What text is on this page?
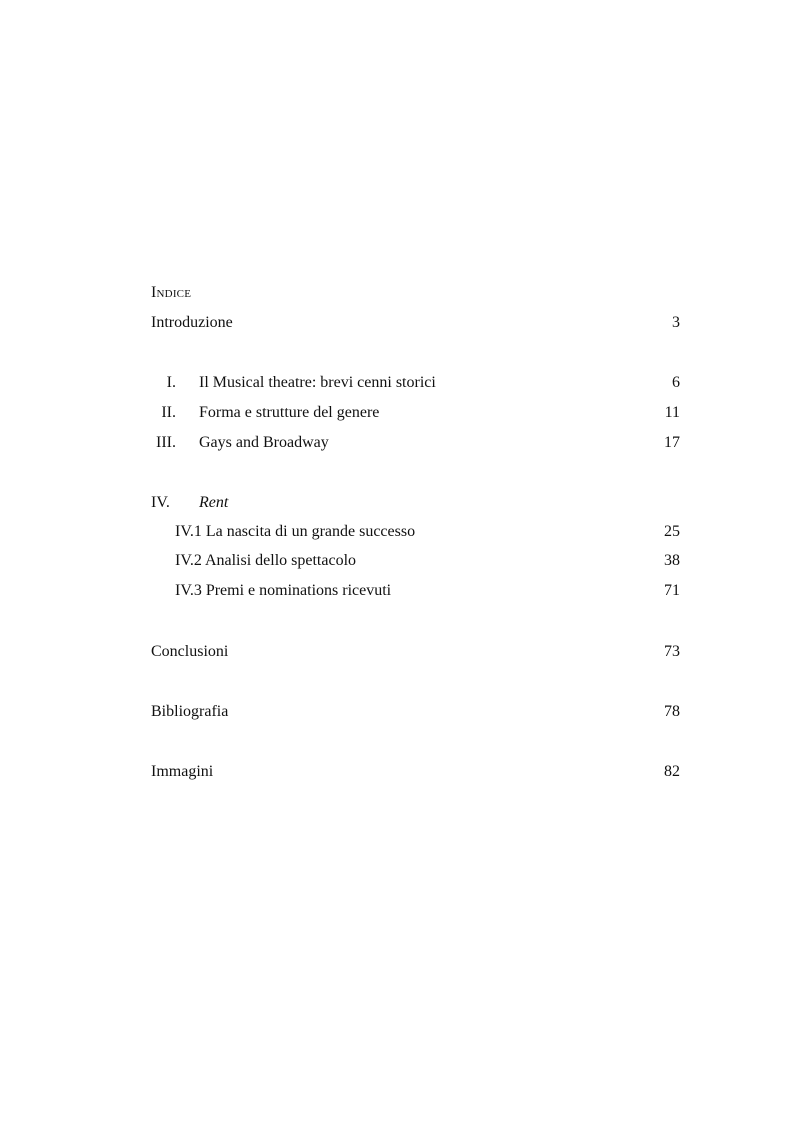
Indice
Introduzione	3
I. Il Musical theatre: brevi cenni storici	6
II. Forma e strutture del genere	11
III. Gays and Broadway	17
IV. Rent
IV.1 La nascita di un grande successo	25
IV.2 Analisi dello spettacolo	38
IV.3 Premi e nominations ricevuti	71
Conclusioni	73
Bibliografia	78
Immagini	82
